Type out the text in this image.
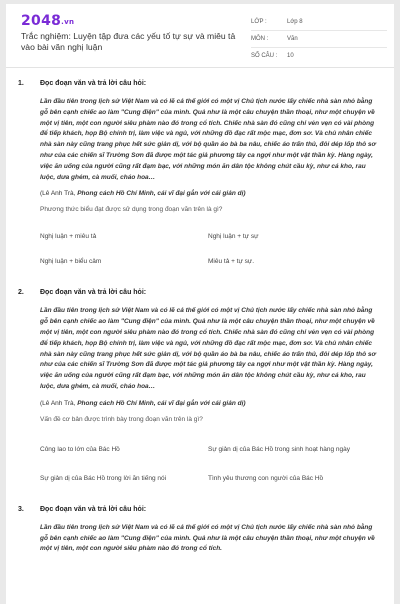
2048.vn
Trắc nghiệm: Luyện tập đưa các yếu tố tự sự và miêu tả vào bài văn nghị luận
LỚP :	Lớp 8
MÔN :	Văn
SỐ CÂU :	10
1.	Đọc đoạn văn và trả lời câu hỏi:

Lần đầu tiên trong lịch sử Việt Nam và có lẽ cả thế giới có một vị Chủ tịch nước lấy chiếc nhà sàn nhỏ bằng gỗ bên cạnh chiếc ao làm "Cung điện" của mình. Quả như là một câu chuyện thần thoại, như một chuyện về một vị tiên, một con người siêu phàm nào đó trong cổ tích. Chiếc nhà sàn đó cũng chỉ vẻn vẹn có vài phòng để tiếp khách, họp Bộ chính trị, làm việc và ngủ, với những đồ đạc rất mộc mạc, đơn sơ. Và chủ nhân chiếc nhà sàn này cũng trang phục hết sức giản dị, với bộ quần áo bà ba nâu, chiếc áo trấn thủ, đôi dép lốp thô sơ như của các chiến sĩ Trường Sơn đã được một tác giả phương tây ca ngợi như một vật thần kỳ. Hàng ngày, việc ăn uống của người cũng rất đạm bạc, với những món ăn dân tộc không chút cầu kỳ, như cá kho, rau luộc, dưa ghém, cà muối, cháo hoa…

(Lê Anh Trà, Phong cách Hồ Chí Minh, cái vĩ đại gắn với cái giản dị)

Phương thức biểu đạt được sử dụng trong đoạn văn trên là gì?

Nghị luận + miêu tả	Nghị luận + tự sự
Nghị luận + biểu cảm	Miêu tả + tự sự.
2.	Đọc đoạn văn và trả lời câu hỏi:

Lần đầu tiên trong lịch sử Việt Nam và có lẽ cả thế giới có một vị Chủ tịch nước lấy chiếc nhà sàn nhỏ bằng gỗ bên cạnh chiếc ao làm "Cung điện" của mình. Quả như là một câu chuyện thần thoại, như một chuyện về một vị tiên, một con người siêu phàm nào đó trong cổ tích. Chiếc nhà sàn đó cũng chỉ vẻn vẹn có vài phòng để tiếp khách, họp Bộ chính trị, làm việc và ngủ, với những đồ đạc rất mộc mạc, đơn sơ. Và chủ nhân chiếc nhà sàn này cũng trang phục hết sức giản dị, với bộ quần áo bà ba nâu, chiếc áo trấn thủ, đôi dép lốp thô sơ như của các chiến sĩ Trường Sơn đã được một tác giả phương tây ca ngợi như một vật thần kỳ. Hàng ngày, việc ăn uống của người cũng rất đạm bạc, với những món ăn dân tộc không chút cầu kỳ, như cá kho, rau luộc, dưa ghém, cà muối, cháo hoa…

(Lê Anh Trà, Phong cách Hồ Chí Minh, cái vĩ đại gắn với cái giản dị)

Vấn đề cơ bản được trình bày trong đoạn văn trên là gì?

Công lao to lớn của Bác Hồ	Sự giản dị của Bác Hồ trong sinh hoạt hàng ngày
Sự giản dị của Bác Hồ trong lời ăn tiếng nói	Tình yêu thương con người của Bác Hồ
3.	Đọc đoạn văn và trả lời câu hỏi:

Lần đầu tiên trong lịch sử Việt Nam và có lẽ cả thế giới có một vị Chủ tịch nước lấy chiếc nhà sàn nhỏ bằng gỗ bên cạnh chiếc ao làm "Cung điện" của mình. Quả như là một câu chuyện thần thoại, như một chuyện về một vị tiên, một con người siêu phàm nào đó trong cổ tích.
